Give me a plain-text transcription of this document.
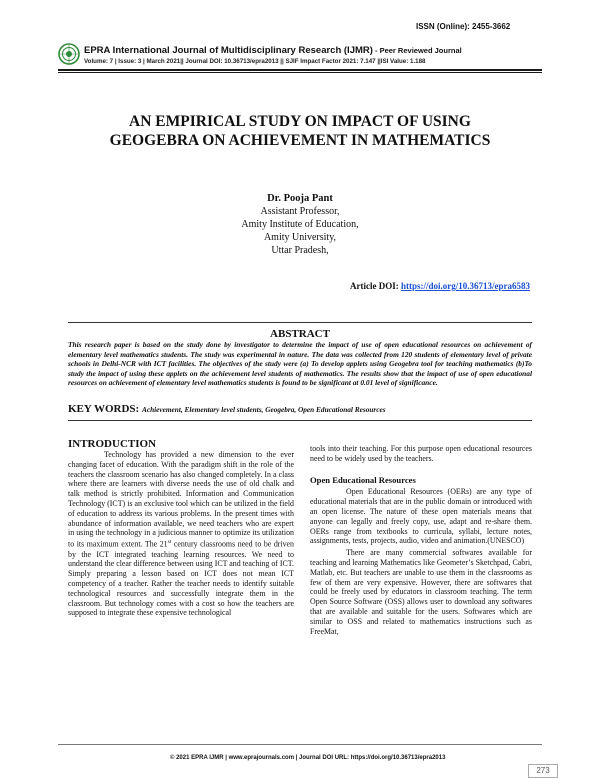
ISSN (Online): 2455-3662
EPRA International Journal of Multidisciplinary Research (IJMR) - Peer Reviewed Journal
Volume: 7 | Issue: 3 | March 2021|| Journal DOI: 10.36713/epra2013 || SJIF Impact Factor 2021: 7.147 ||ISI Value: 1.188
AN EMPIRICAL STUDY ON IMPACT OF USING
GEOGEBRA ON ACHIEVEMENT IN MATHEMATICS
Dr. Pooja Pant
Assistant Professor,
Amity Institute of Education,
Amity University,
Uttar Pradesh,
Article DOI: https://doi.org/10.36713/epra6583
ABSTRACT
This research paper is based on the study done by investigator to determine the impact of use of open educational resources on achievement of elementary level mathematics students. The study was experimental in nature. The data was collected from 120 students of elementary level of private schools in Delhi-NCR with ICT facilities. The objectives of the study were (a) To develop applets using Geogebra tool for teaching mathematics (b)To study the impact of using these applets on the achievement level students of mathematics. The results show that the impact of use of open educational resources on achievement of elementary level mathematics students is found to be significant at 0.01 level of significance.
KEY WORDS: Achievement, Elementary level students, Geogebra, Open Educational Resources
INTRODUCTION

Technology has provided a new dimension to the ever changing facet of education. With the paradigm shift in the role of the teachers the classroom scenario has also changed completely. In a class where there are learners with diverse needs the use of old chalk and talk method is strictly prohibited. Information and Communication Technology (ICT) is an exclusive tool which can be utilized in the field of education to address its various problems. In the present times with abundance of information available, we need teachers who are expert in using the technology in a judicious manner to optimize its utilization to its maximum extent. The 21st century classrooms need to be driven by the ICT integrated teaching learning resources. We need to understand the clear difference between using ICT and teaching of ICT. Simply preparing a lesson based on ICT does not mean ICT competency of a teacher. Rather the teacher needs to identify suitable technological resources and successfully integrate them in the classroom. But technology comes with a cost so how the teachers are supposed to integrate these expensive technological

tools into their teaching. For this purpose open educational resources need to be widely used by the teachers.

Open Educational Resources

Open Educational Resources (OERs) are any type of educational materials that are in the public domain or introduced with an open license. The nature of these open materials means that anyone can legally and freely copy, use, adapt and re-share them. OERs range from textbooks to curricula, syllabi, lecture notes, assignments, tests, projects, audio, video and animation.(UNESCO)

There are many commercial softwares available for teaching and learning Mathematics like Geometer’s Sketchpad, Cabri, Matlab, etc. But teachers are unable to use them in the classrooms as few of them are very expensive. However, there are softwares that could be freely used by educators in classroom teaching. The term Open Source Software (OSS) allows user to download any softwares that are available and suitable for the users. Softwares which are similar to OSS and related to mathematics instructions such as FreeMat,

© 2021 EPRA IJMR | www.eprajournals.com | Journal DOI URL: https://doi.org/10.36713/epra2013
273
